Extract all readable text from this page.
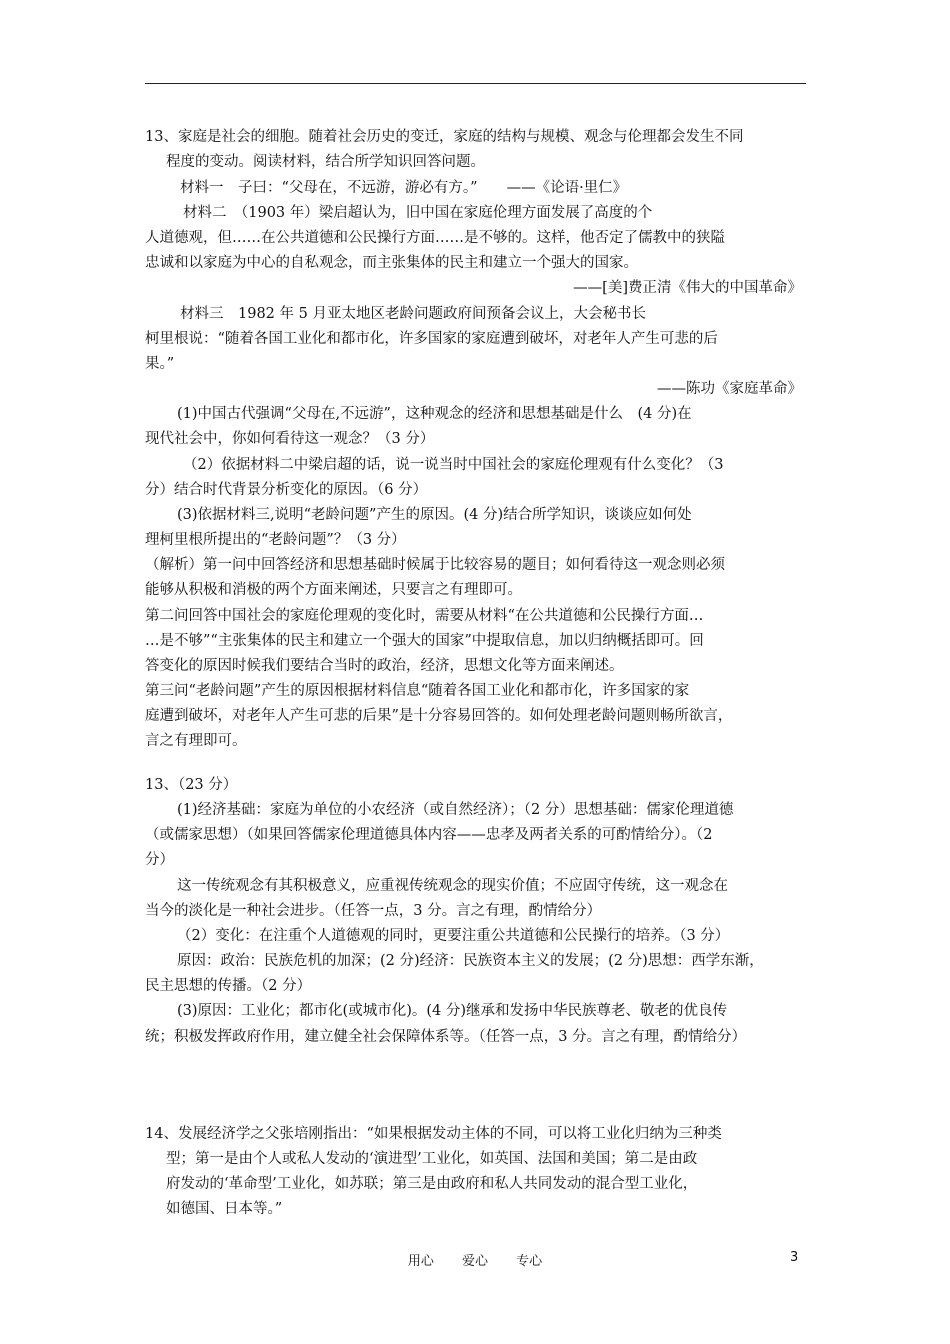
13、家庭是社会的细胞。随着社会历史的变迁，家庭的结构与规模、观念与伦理都会发生不同
程度的变动。阅读材料，结合所学知识回答问题。
材料一　子曰：“父母在，不远游，游必有方。”　　——《论语·里仁》
材料二　（1903 年）梁启超认为，旧中国在家庭伦理方面发展了高度的个
人道德观，但……在公共道德和公民操行方面……是不够的。这样，他否定了儒教中的狭隘
忠诚和以家庭为中心的自私观念，而主张集体的民主和建立一个强大的国家。
——[美]费正清《伟大的中国革命》
材料三　1982 年 5 月亚太地区老龄问题政府间预备会议上，大会秘书长
柯里根说：“随着各国工业化和都市化，许多国家的家庭遭到破坏，对老年人产生可悲的后
果。”
——陈功《家庭革命》
(1)中国古代强调“父母在,不远游”，这种观念的经济和思想基础是什么　(4 分)在
现代社会中，你如何看待这一观念？（3 分）
（2）依据材料二中梁启超的话，说一说当时中国社会的家庭伦理观有什么变化？（3
分）结合时代背景分析变化的原因。（6 分）
(3)依据材料三,说明“老龄问题”产生的原因。(4 分)结合所学知识，谈谈应如何处
理柯里根所提出的“老龄问题”？（3 分）
（解析）第一问中回答经济和思想基础时候属于比较容易的题目；如何看待这一观念则必须
能够从积极和消极的两个方面来阐述，只要言之有理即可。
第二问回答中国社会的家庭伦理观的变化时，需要从材料“在公共道德和公民操行方面…
…是不够”“主张集体的民主和建立一个强大的国家”中提取信息，加以归纳概括即可。回
答变化的原因时候我们要结合当时的政治，经济，思想文化等方面来阐述。
第三问“老龄问题”产生的原因根据材料信息“随着各国工业化和都市化，许多国家的家
庭遭到破坏，对老年人产生可悲的后果”是十分容易回答的。如何处理老龄问题则畅所欲言，
言之有理即可。
13、（23 分）
(1)经济基础：家庭为单位的小农经济（或自然经济）；（2 分）思想基础：儒家伦理道德
（或儒家思想）（如果回答儒家伦理道德具体内容——忠孝及两者关系的可酌情给分）。（2
分）
这一传统观念有其积极意义，应重视传统观念的现实价值；不应固守传统，这一观念在
当今的淡化是一种社会进步。（任答一点，3 分。言之有理，酌情给分）
（2）变化：在注重个人道德观的同时，更要注重公共道德和公民操行的培养。（3 分）
原因：政治：民族危机的加深；(2 分)经济：民族资本主义的发展；(2 分)思想：西学东渐，
民主思想的传播。（2 分）
(3)原因：工业化；都市化(或城市化)。(4 分)继承和发扬中华民族尊老、敬老的优良传
统；积极发挥政府作用，建立健全社会保障体系等。（任答一点，3 分。言之有理，酌情给分）
14、发展经济学之父张培刚指出：“如果根据发动主体的不同，可以将工业化归纳为三种类
型；第一是由个人或私人发动的‘演进型’工业化，如英国、法国和美国；第二是由政
府发动的‘革命型’工业化，如苏联；第三是由政府和私人共同发动的混合型工业化，
如德国、日本等。”
用心 爱心 专心	3
